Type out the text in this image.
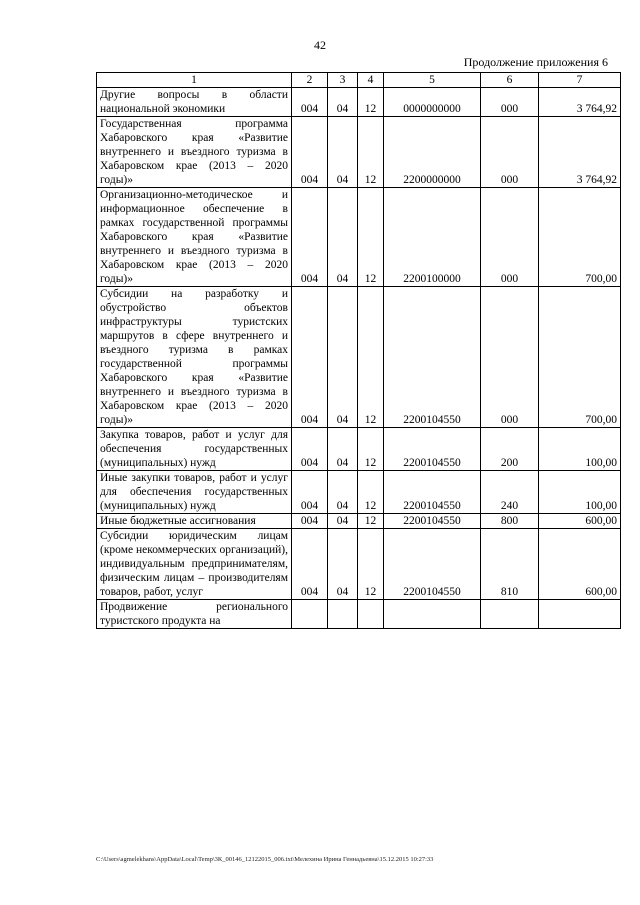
42
Продолжение приложения 6
1	2	3	4	5	6	7
Другие вопросы в области национальной экономики	004	04	12	0000000000	000	3 764,92
Государственная программа Хабаровского края «Развитие внутреннего и въездного туризма в Хабаровском крае (2013 – 2020 годы)»	004	04	12	2200000000	000	3 764,92
Организационно-методическое и информационное обеспечение в рамках государственной программы Хабаровского края «Развитие внутреннего и въездного туризма в Хабаровском крае (2013 – 2020 годы)»	004	04	12	2200100000	000	700,00
Субсидии на разработку и обустройство объектов инфраструктуры туристских маршрутов в сфере внутреннего и въездного туризма в рамках государственной программы Хабаровского края «Развитие внутреннего и въездного туризма в Хабаровском крае (2013 – 2020 годы)»	004	04	12	2200104550	000	700,00
Закупка товаров, работ и услуг для обеспечения государственных (муниципальных) нужд	004	04	12	2200104550	200	100,00
Иные закупки товаров, работ и услуг для обеспечения государственных (муниципальных) нужд	004	04	12	2200104550	240	100,00
Иные бюджетные ассигнования	004	04	12	2200104550	800	600,00
Субсидии юридическим лицам (кроме некоммерческих организаций), индивидуальным предпринимателям, физическим лицам – производителям товаров, работ, услуг	004	04	12	2200104550	810	600,00
Продвижение регионального туристского продукта на						
C:\Users\agmelekhans\AppData\Local\Temp\3К_00146_12122015_006.txt\Мелехина Ирина Геннадьевна\15.12.2015 10:27:33
